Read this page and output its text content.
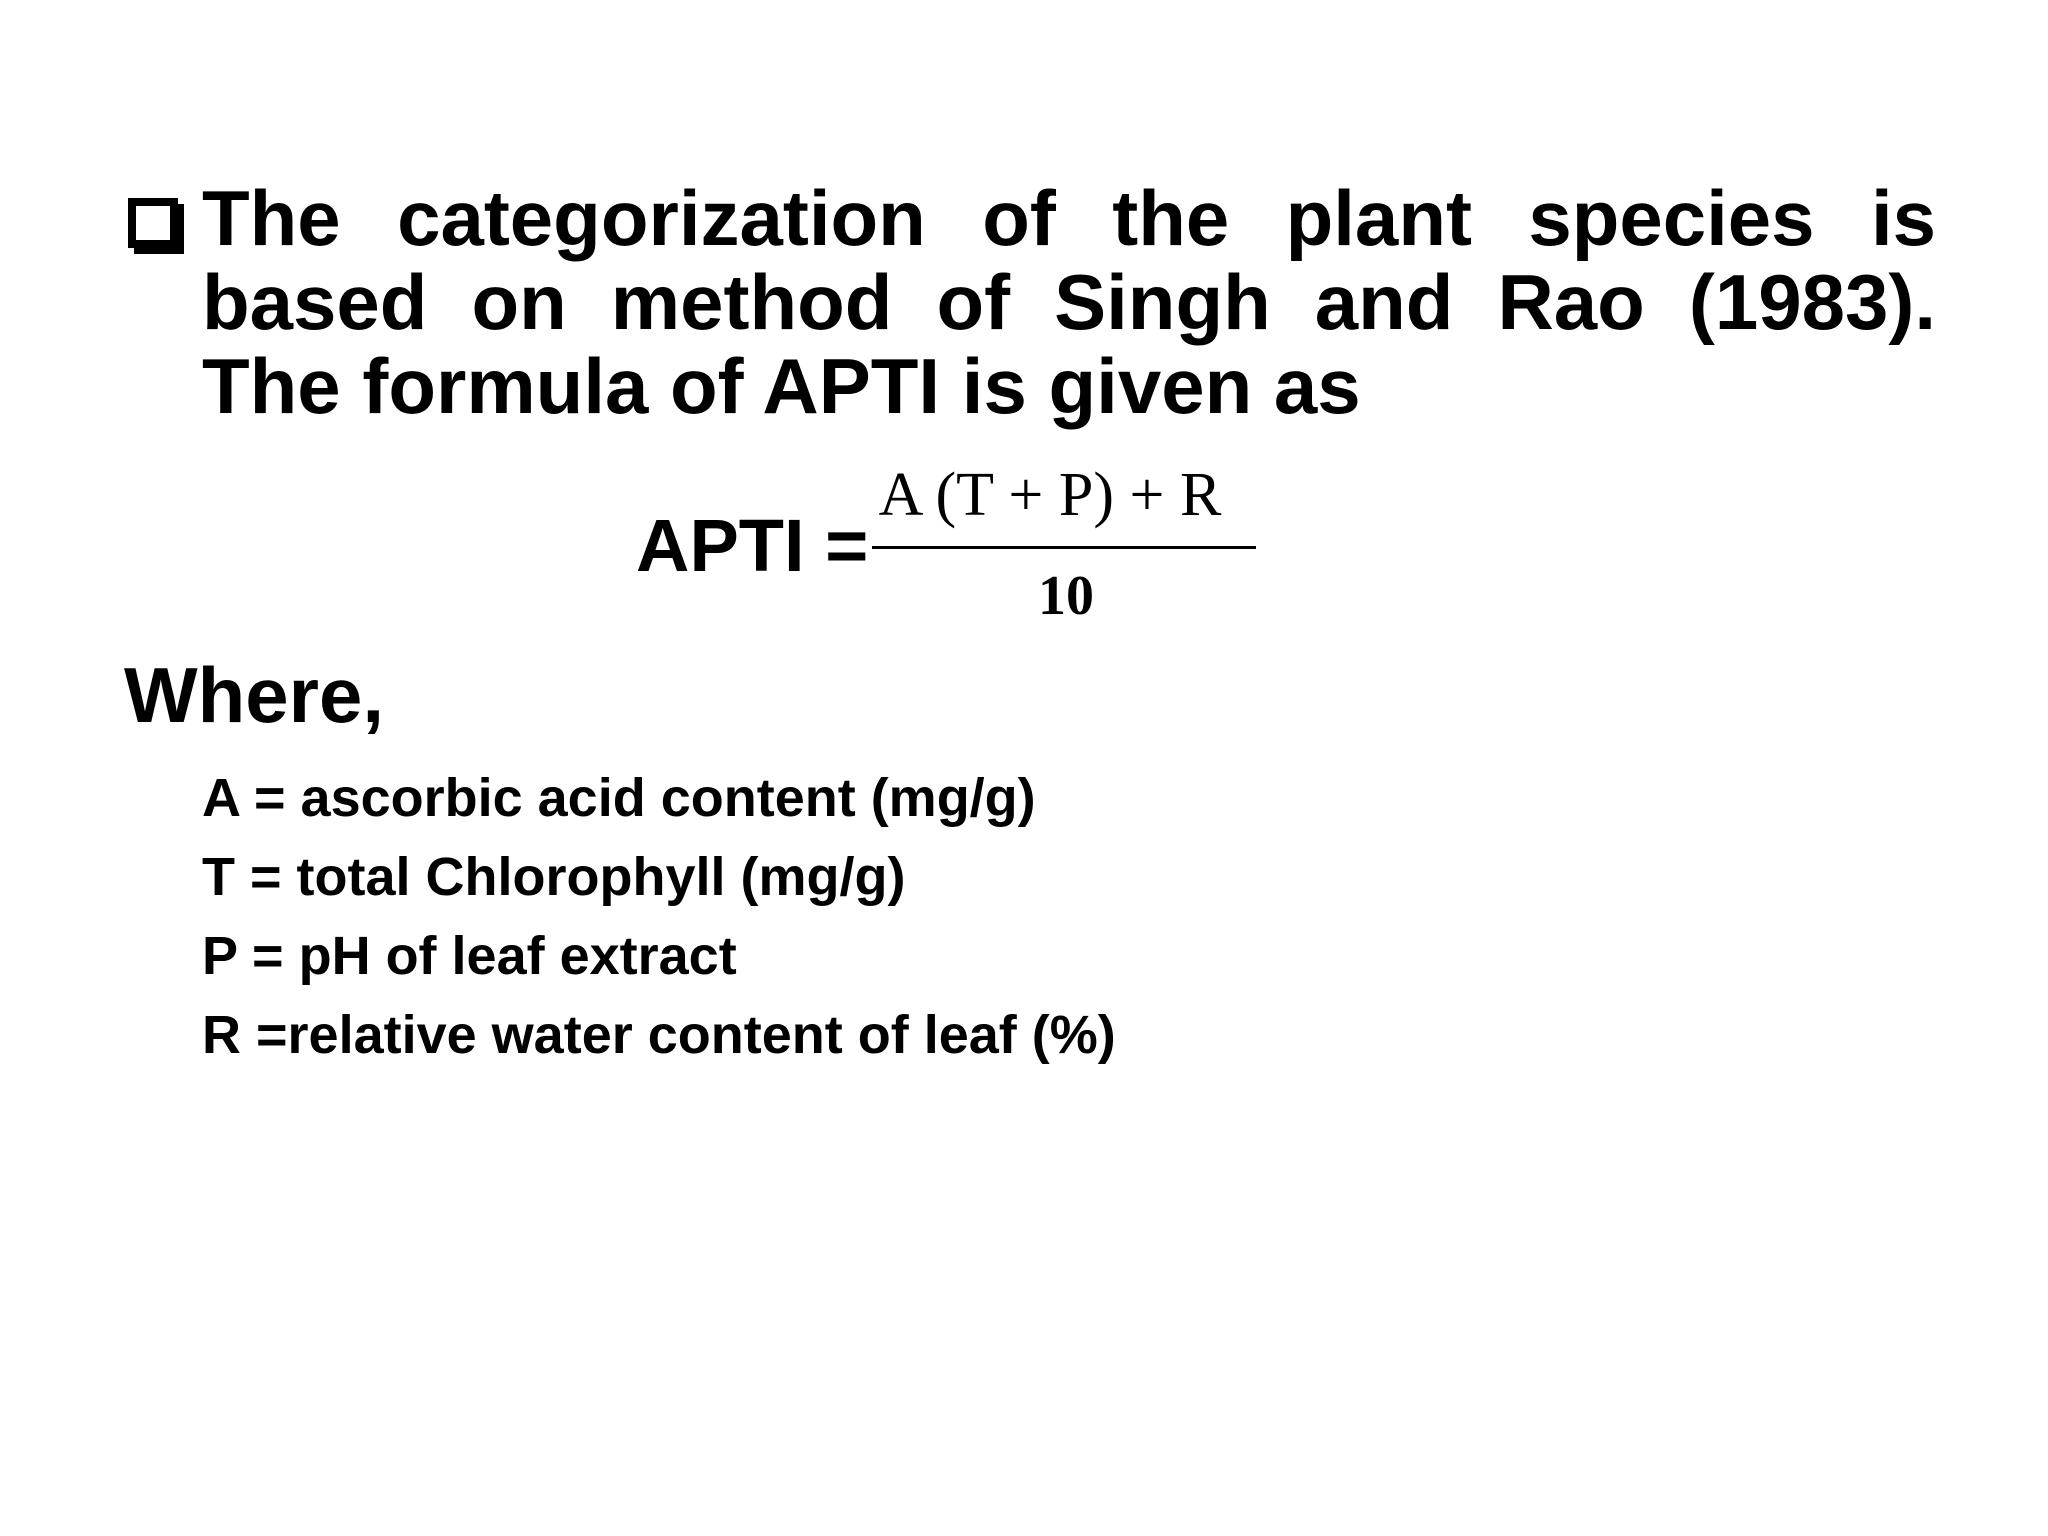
The categorization of the plant species is based on method of Singh and Rao (1983). The formula of APTI is given as

APTI =
A (T + P) + R
10
Where,
A = ascorbic acid content (mg/g)
T = total Chlorophyll (mg/g)
P = pH of leaf extract
R =relative water content of leaf (%)
